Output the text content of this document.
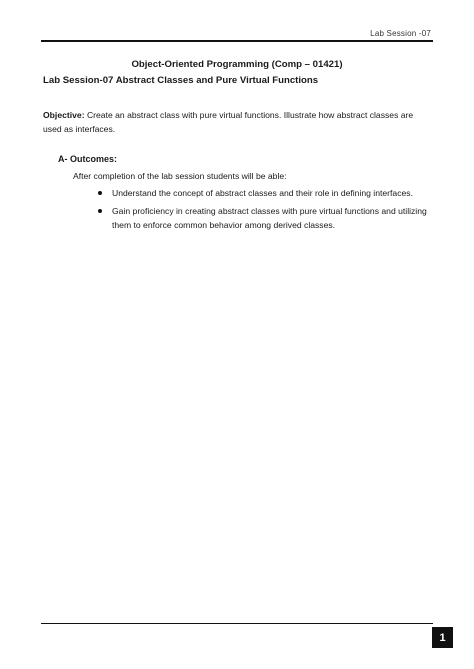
Lab Session -07
Object-Oriented Programming (Comp – 01421)
Lab Session-07 Abstract Classes and Pure Virtual Functions
Objective: Create an abstract class with pure virtual functions. Illustrate how abstract classes are used as interfaces.
A- Outcomes:
After completion of the lab session students will be able:
Understand the concept of abstract classes and their role in defining interfaces.
Gain proficiency in creating abstract classes with pure virtual functions and utilizing them to enforce common behavior among derived classes.
1
